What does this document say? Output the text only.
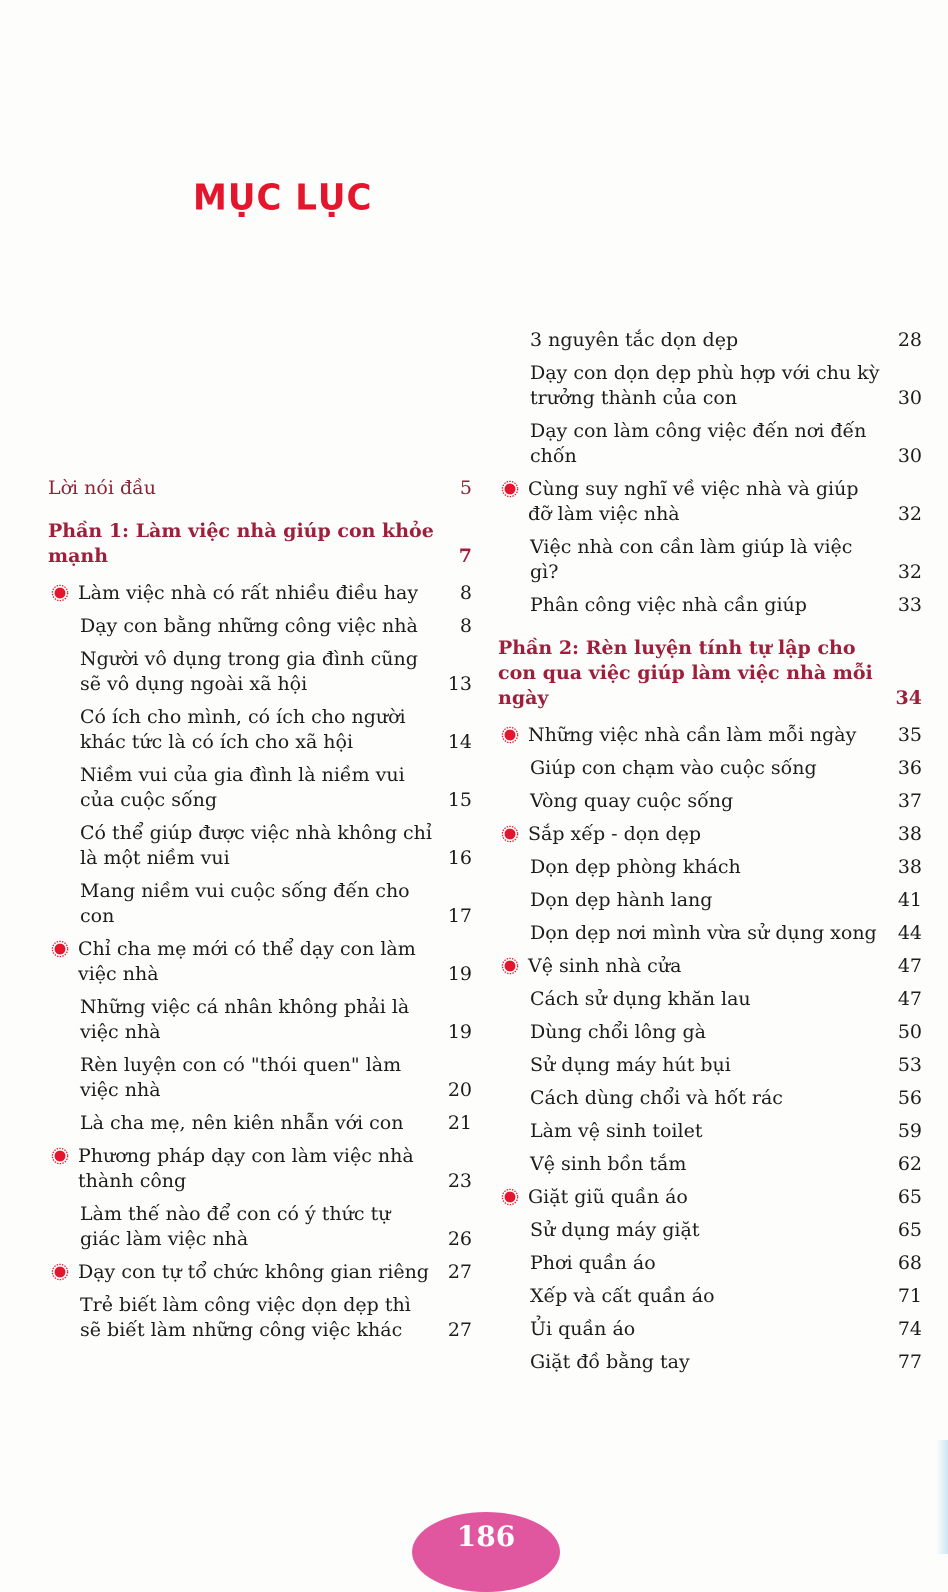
MỤC LỤC
Lời nói đầu	5
Phần 1: Làm việc nhà giúp con khỏe mạnh	7
Làm việc nhà có rất nhiều điều hay	8
Dạy con bằng những công việc nhà	8
Người vô dụng trong gia đình cũng sẽ vô dụng ngoài xã hội	13
Có ích cho mình, có ích cho người khác tức là có ích cho xã hội	14
Niềm vui của gia đình là niềm vui của cuộc sống	15
Có thể giúp được việc nhà không chỉ là một niềm vui	16
Mang niềm vui cuộc sống đến cho con	17
Chỉ cha mẹ mới có thể dạy con làm việc nhà	19
Những việc cá nhân không phải là việc nhà	19
Rèn luyện con có "thói quen" làm việc nhà	20
Là cha mẹ, nên kiên nhẫn với con	21
Phương pháp dạy con làm việc nhà thành công	23
Làm thế nào để con có ý thức tự giác làm việc nhà	26
Dạy con tự tổ chức không gian riêng 27
Trẻ biết làm công việc dọn dẹp thì sẽ biết làm những công việc khác	27
3 nguyên tắc dọn dẹp	28
Dạy con dọn dẹp phù hợp với chu kỳ trưởng thành của con	30
Dạy con làm công việc đến nơi đến chốn	30
Cùng suy nghĩ về việc nhà và giúp đỡ làm việc nhà	32
Việc nhà con cần làm giúp là việc gì?	32
Phân công việc nhà cần giúp	33
Phần 2: Rèn luyện tính tự lập cho con qua việc giúp làm việc nhà mỗi ngày	34
Những việc nhà cần làm mỗi ngày	35
Giúp con chạm vào cuộc sống	36
Vòng quay cuộc sống	37
Sắp xếp - dọn dẹp	38
Dọn dẹp phòng khách	38
Dọn dẹp hành lang	41
Dọn dẹp nơi mình vừa sử dụng xong	44
Vệ sinh nhà cửa	47
Cách sử dụng khăn lau	47
Dùng chổi lông gà	50
Sử dụng máy hút bụi	53
Cách dùng chổi và hốt rác	56
Làm vệ sinh toilet	59
Vệ sinh bồn tắm	62
Giặt giũ quần áo	65
Sử dụng máy giặt	65
Phơi quần áo	68
Xếp và cất quần áo	71
Ủi quần áo	74
Giặt đồ bằng tay	77
186
